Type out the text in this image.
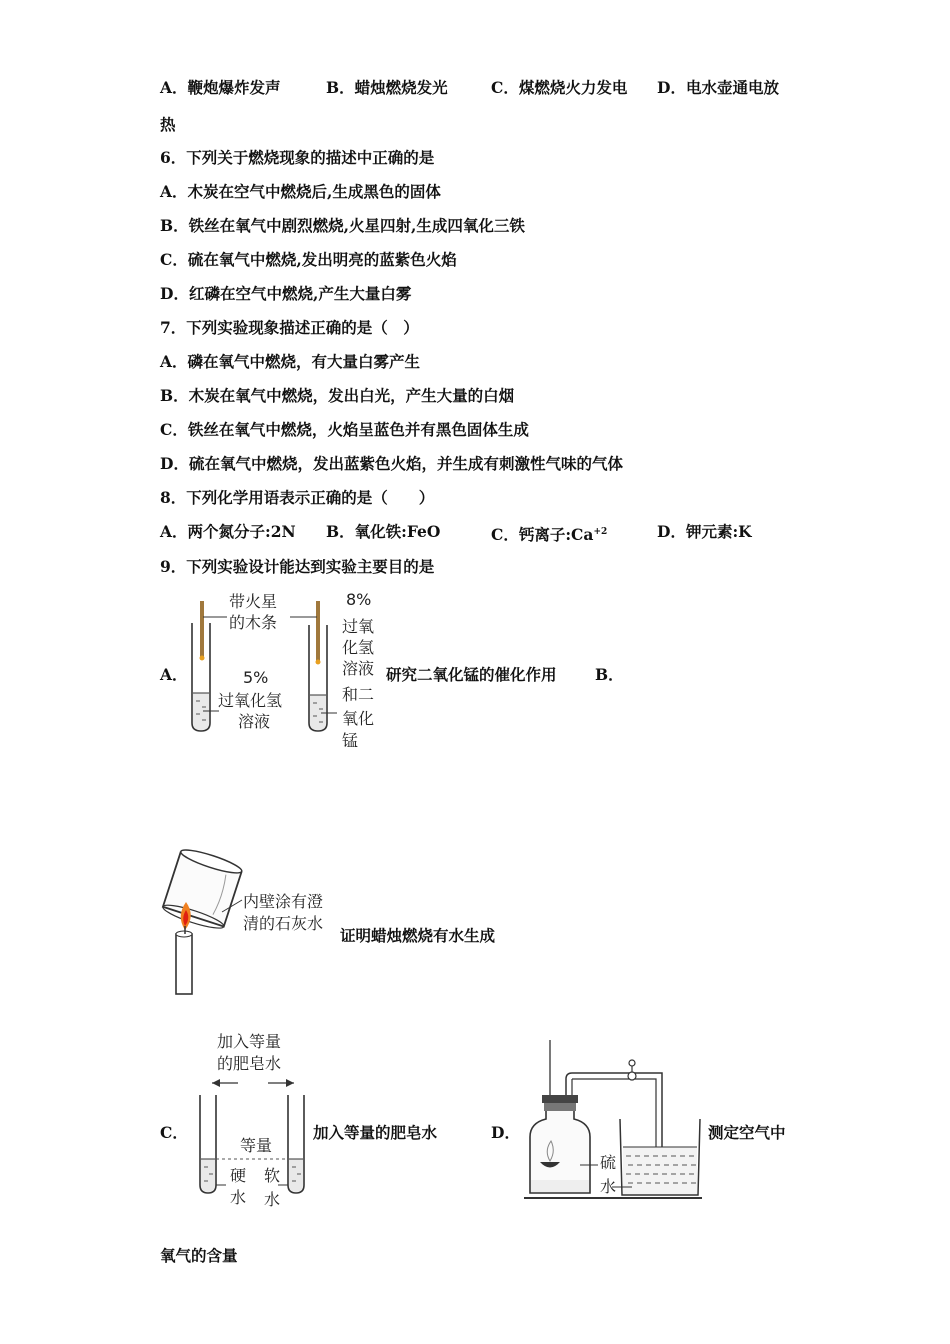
A．鞭炮爆炸发声	B．蜡烛燃烧发光	C．煤燃烧火力发电 D．电水壶通电放
热
6．下列关于燃烧现象的描述中正确的是
A．木炭在空气中燃烧后,生成黑色的固体
B．铁丝在氧气中剧烈燃烧,火星四射,生成四氧化三铁
C．硫在氧气中燃烧,发出明亮的蓝紫色火焰
D．红磷在空气中燃烧,产生大量白雾
7．下列实验现象描述正确的是（　）
A．磷在氧气中燃烧，有大量白雾产生
B．木炭在氧气中燃烧，发出白光，产生大量的白烟
C．铁丝在氧气中燃烧，火焰呈蓝色并有黑色固体生成
D．硫在氧气中燃烧，发出蓝紫色火焰，并生成有刺激性气味的气体
8．下列化学用语表示正确的是（　　）
A．两个氮分子:2N B．氧化铁:FeO	C．钙离子$:Ca^{+2}$	D．钾元素:K
9．下列实验设计能达到实验主要目的是
带火星
的木条
5%
过氧化氢
溶液
8%
过氧
化氢
溶液
和二
氧化
锰
A．	研究二氧化锰的催化作用 B．
内壁涂有澄
清的石灰水
证明蜡烛燃烧有水生成
加入等量
的肥皂水
等量
硬
水
软
水
C．	加入等量的肥皂水
硫
水
D．	测定空气中
氧气的含量
